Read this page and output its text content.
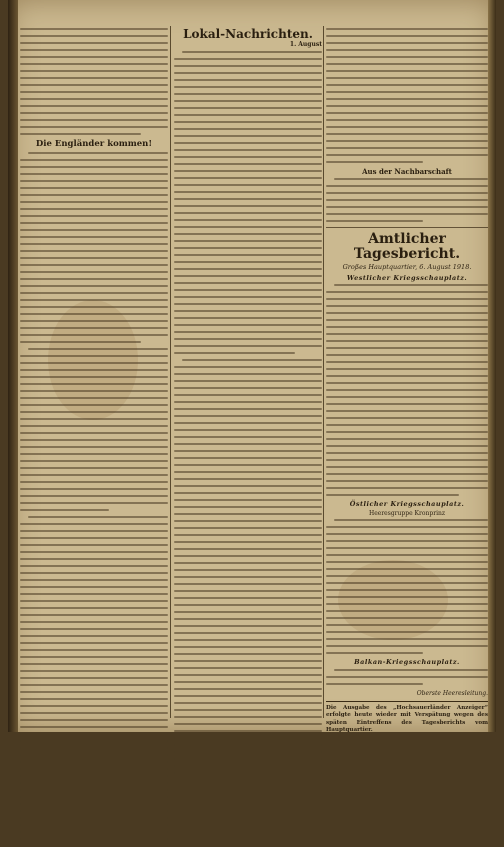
Die Engländer kommen!
Lokal-Nachrichten.
1. August
Aus der Nachbarschaft
Amtlicher Tagesbericht.
Großes Hauptquartier, 6. August 1918.
Westlicher Kriegsschauplatz.
Östlicher Kriegsschauplatz.
Heeresgruppe Kronprinz
Balkan-Kriegsschauplatz.
Oberste Heeresleitung.
Die Ausgabe des „Hochsauerländer Anzeiger“ erfolgte heute wieder mit Verspätung wegen des späten Eintreffens des Tagesberichts vom Hauptquartier.
